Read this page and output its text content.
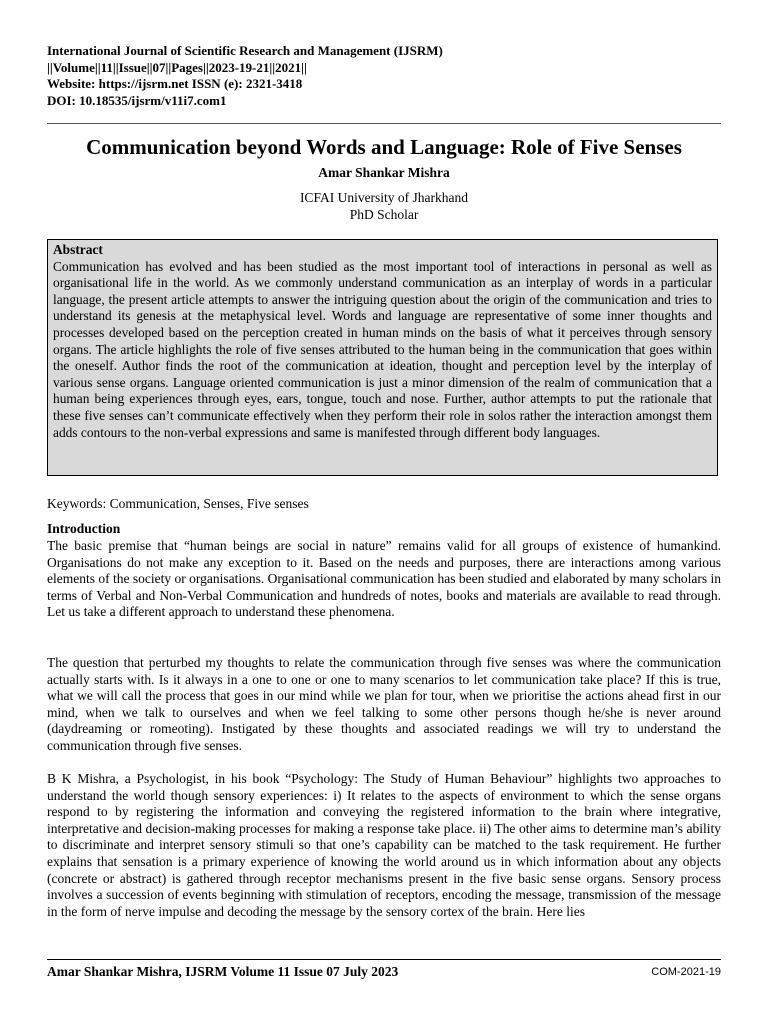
International Journal of Scientific Research and Management (IJSRM)
||Volume||11||Issue||07||Pages||2023-19-21||2021||
Website: https://ijsrm.net ISSN (e): 2321-3418
DOI: 10.18535/ijsrm/v11i7.com1
Communication beyond Words and Language: Role of Five Senses
Amar Shankar Mishra
ICFAI University of Jharkhand
PhD Scholar
Abstract
Communication has evolved and has been studied as the most important tool of interactions in personal as well as organisational life in the world. As we commonly understand communication as an interplay of words in a particular language, the present article attempts to answer the intriguing question about the origin of the communication and tries to understand its genesis at the metaphysical level. Words and language are representative of some inner thoughts and processes developed based on the perception created in human minds on the basis of what it perceives through sensory organs. The article highlights the role of five senses attributed to the human being in the communication that goes within the oneself. Author finds the root of the communication at ideation, thought and perception level by the interplay of various sense organs. Language oriented communication is just a minor dimension of the realm of communication that a human being experiences through eyes, ears, tongue, touch and nose. Further, author attempts to put the rationale that these five senses can’t communicate effectively when they perform their role in solos rather the interaction amongst them adds contours to the non-verbal expressions and same is manifested through different body languages.
Keywords: Communication, Senses, Five senses
Introduction

The basic premise that “human beings are social in nature” remains valid for all groups of existence of humankind. Organisations do not make any exception to it. Based on the needs and purposes, there are interactions among various elements of the society or organisations. Organisational communication has been studied and elaborated by many scholars in terms of Verbal and Non-Verbal Communication and hundreds of notes, books and materials are available to read through. Let us take a different approach to understand these phenomena.

The question that perturbed my thoughts to relate the communication through five senses was where the communication actually starts with. Is it always in a one to one or one to many scenarios to let communication take place? If this is true, what we will call the process that goes in our mind while we plan for tour, when we prioritise the actions ahead first in our mind, when we talk to ourselves and when we feel talking to some other persons though he/she is never around (daydreaming or romeoting). Instigated by these thoughts and associated readings we will try to understand the communication through five senses.

B K Mishra, a Psychologist, in his book “Psychology: The Study of Human Behaviour” highlights two approaches to understand the world though sensory experiences: i) It relates to the aspects of environment to which the sense organs respond to by registering the information and conveying the registered information to the brain where integrative, interpretative and decision-making processes for making a response take place. ii) The other aims to determine man’s ability to discriminate and interpret sensory stimuli so that one’s capability can be matched to the task requirement. He further explains that sensation is a primary experience of knowing the world around us in which information about any objects (concrete or abstract) is gathered through receptor mechanisms present in the five basic sense organs. Sensory process involves a succession of events beginning with stimulation of receptors, encoding the message, transmission of the message in the form of nerve impulse and decoding the message by the sensory cortex of the brain. Here lies

Amar Shankar Mishra, IJSRM Volume 11 Issue 07 July 2023	COM-2021-19
